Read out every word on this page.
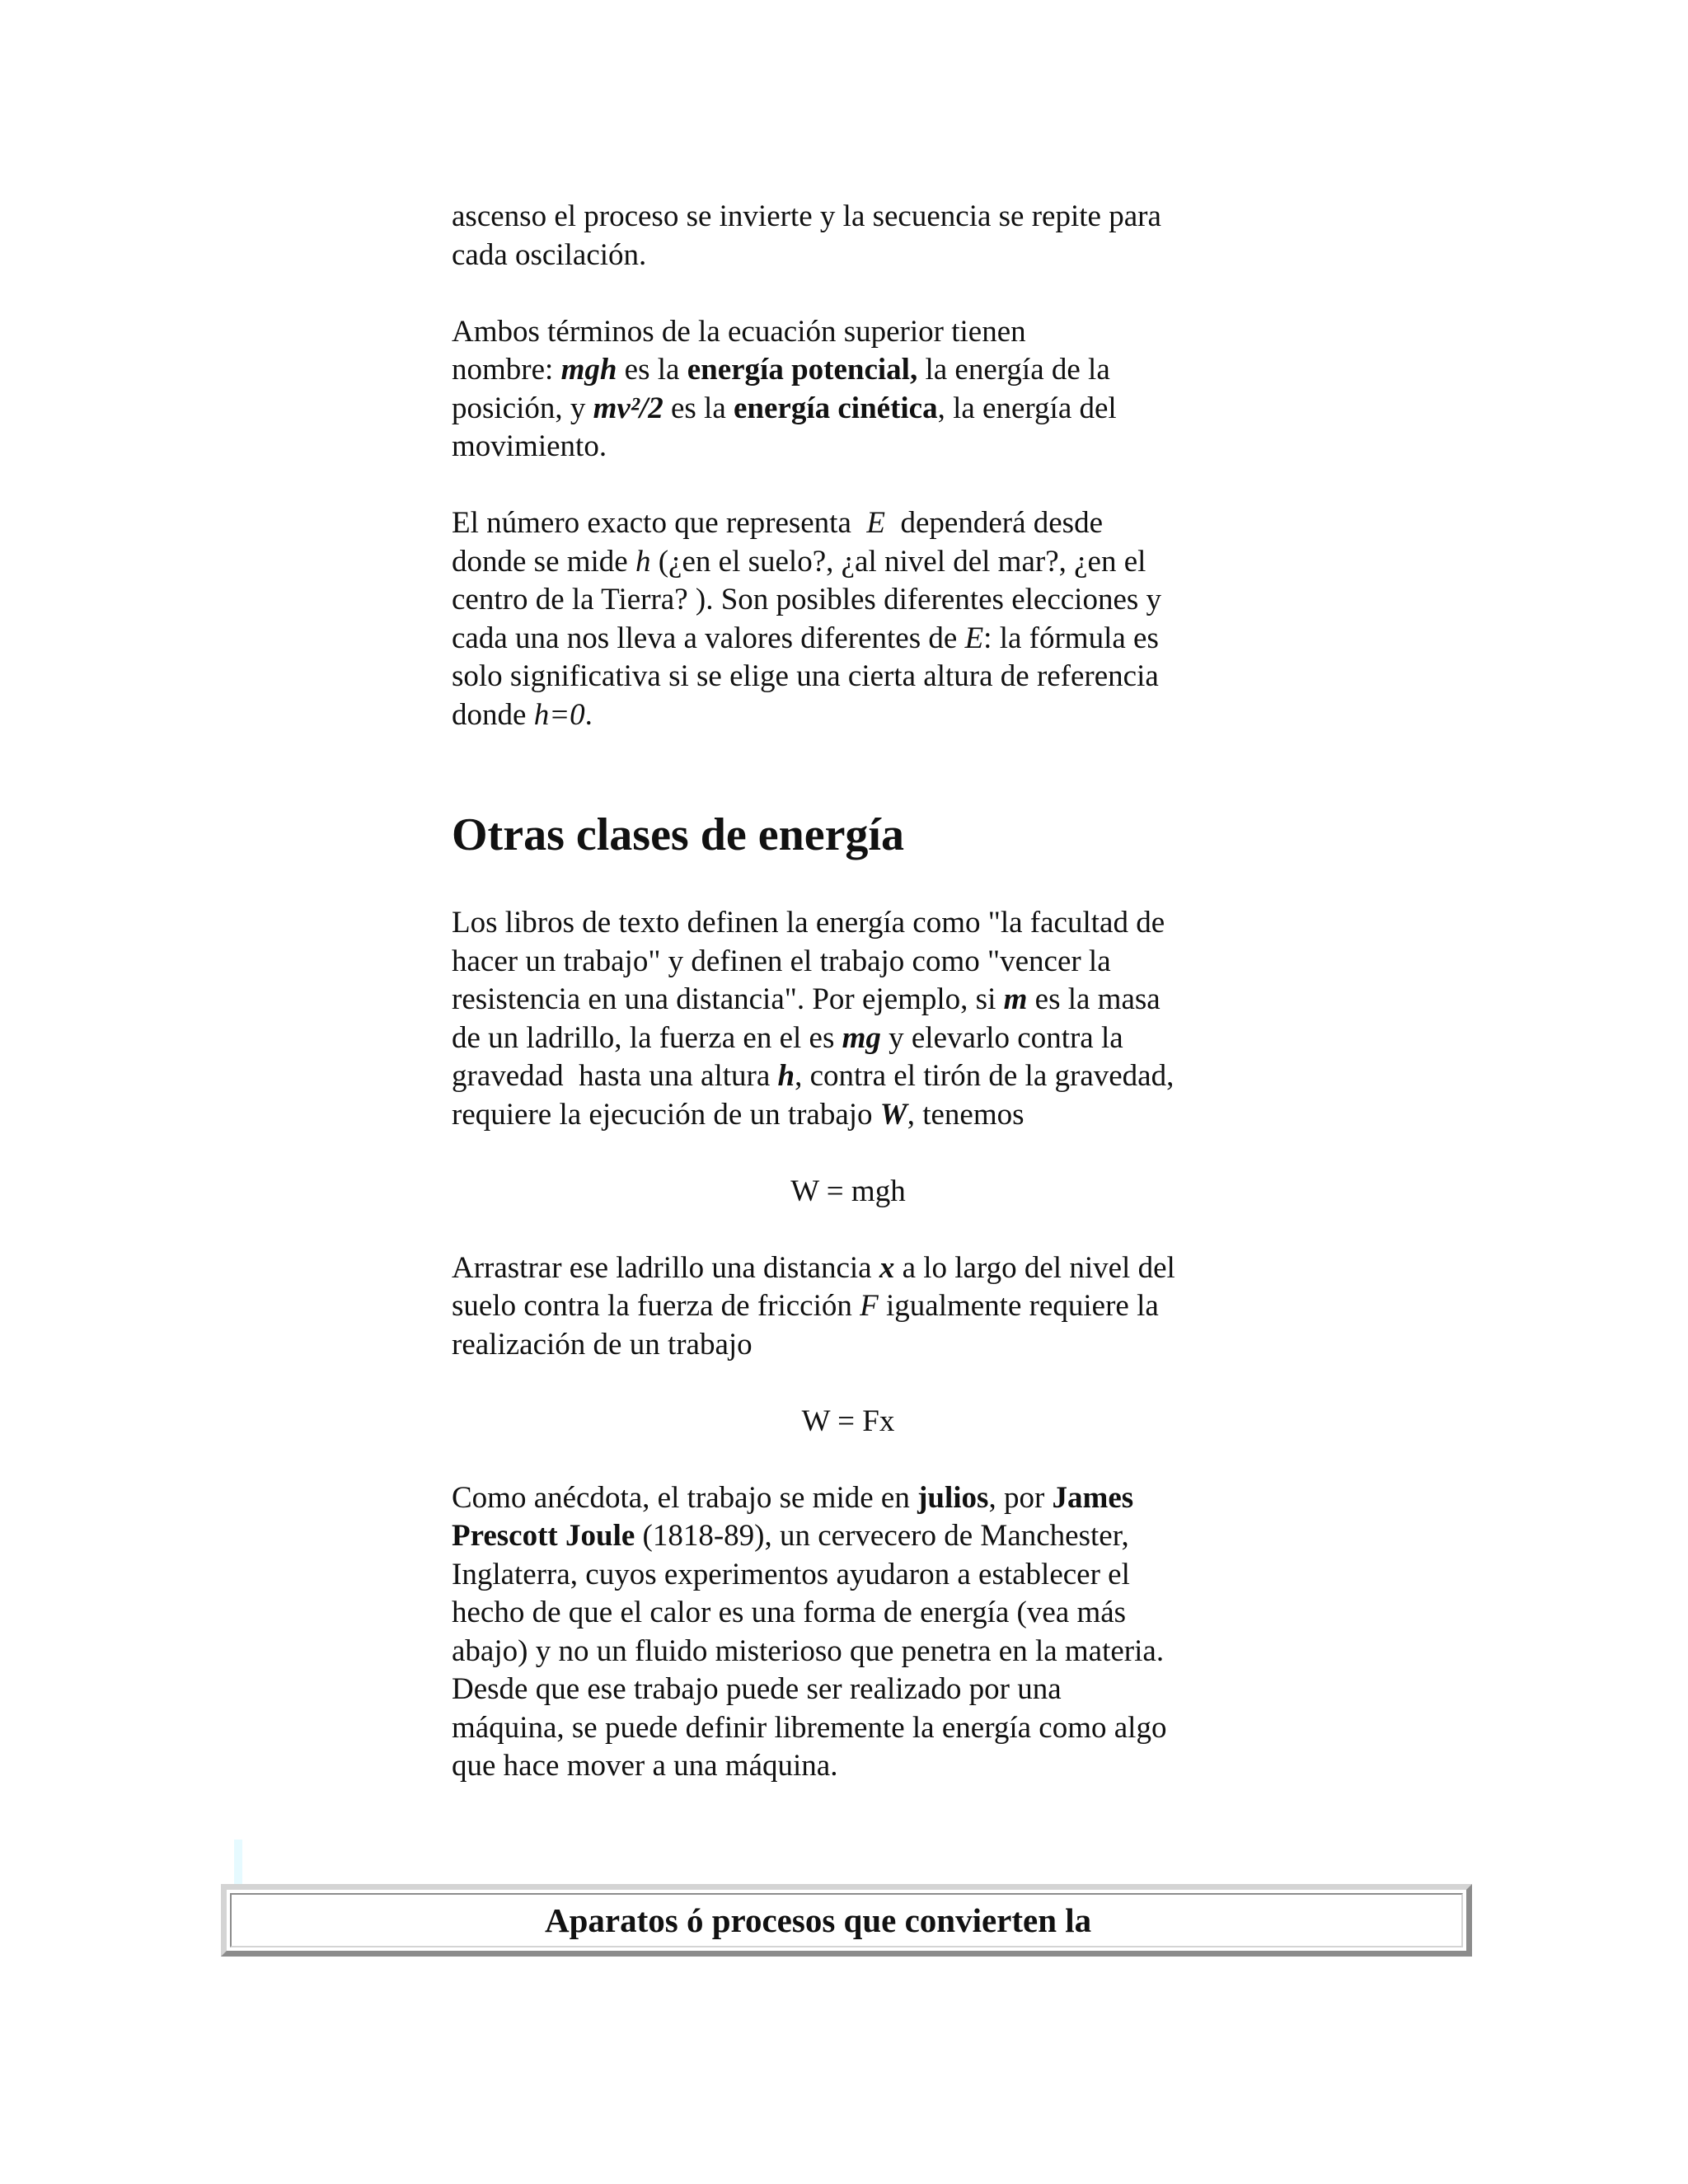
ascenso el proceso se invierte y la secuencia se repite para
cada oscilación.

Ambos términos de la ecuación superior tienen
nombre: mgh es la energía potencial, la energía de la
posición, y mv²/2 es la energía cinética, la energía del
movimiento.

El número exacto que representa  E  dependerá desde
donde se mide h (¿en el suelo?, ¿al nivel del mar?, ¿en el
centro de la Tierra? ). Son posibles diferentes elecciones y
cada una nos lleva a valores diferentes de E: la fórmula es
solo significativa si se elige una cierta altura de referencia
donde h=0.

Otras clases de energía

Los libros de texto definen la energía como "la facultad de
hacer un trabajo" y definen el trabajo como "vencer la
resistencia en una distancia". Por ejemplo, si m es la masa
de un ladrillo, la fuerza en el es mg y elevarlo contra la
gravedad  hasta una altura h, contra el tirón de la gravedad,
requiere la ejecución de un trabajo W, tenemos

W = mgh

Arrastrar ese ladrillo una distancia x a lo largo del nivel del
suelo contra la fuerza de fricción F igualmente requiere la
realización de un trabajo

W = Fx

Como anécdota, el trabajo se mide en julios, por James
Prescott Joule (1818-89), un cervecero de Manchester,
Inglaterra, cuyos experimentos ayudaron a establecer el
hecho de que el calor es una forma de energía (vea más
abajo) y no un fluido misterioso que penetra en la materia.
Desde que ese trabajo puede ser realizado por una
máquina, se puede definir libremente la energía como algo
que hace mover a una máquina.

Aparatos ó procesos que convierten la
